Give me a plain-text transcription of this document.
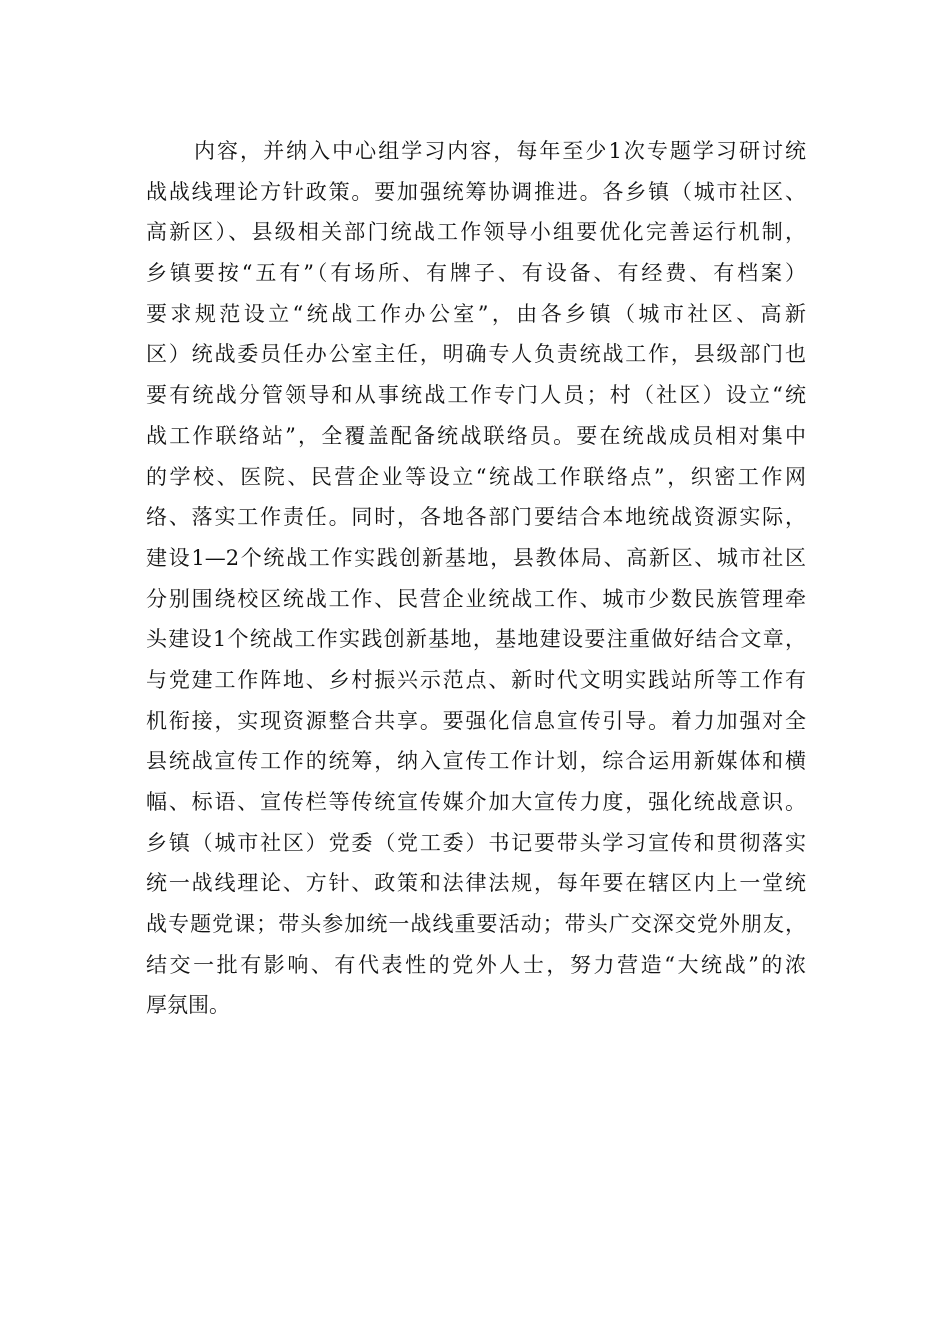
内容，并纳入中心组学习内容，每年至少1次专题学习研讨统
战战线理论方针政策。要加强统筹协调推进。各乡镇（城市社区、
高新区）、县级相关部门统战工作领导小组要优化完善运行机制，
乡镇要按“五有”（有场所、有牌子、有设备、有经费、有档案）
要求规范设立“统战工作办公室”，由各乡镇（城市社区、高新
区）统战委员任办公室主任，明确专人负责统战工作，县级部门也
要有统战分管领导和从事统战工作专门人员；村（社区）设立“统
战工作联络站”，全覆盖配备统战联络员。要在统战成员相对集中
的学校、医院、民营企业等设立“统战工作联络点”，织密工作网
络、落实工作责任。同时，各地各部门要结合本地统战资源实际，
建设1—2个统战工作实践创新基地，县教体局、高新区、城市社区
分别围绕校区统战工作、民营企业统战工作、城市少数民族管理牵
头建设1个统战工作实践创新基地，基地建设要注重做好结合文章，
与党建工作阵地、乡村振兴示范点、新时代文明实践站所等工作有
机衔接，实现资源整合共享。要强化信息宣传引导。着力加强对全
县统战宣传工作的统筹，纳入宣传工作计划，综合运用新媒体和横
幅、标语、宣传栏等传统宣传媒介加大宣传力度，强化统战意识。
乡镇（城市社区）党委（党工委）书记要带头学习宣传和贯彻落实
统一战线理论、方针、政策和法律法规，每年要在辖区内上一堂统
战专题党课；带头参加统一战线重要活动；带头广交深交党外朋友，
结交一批有影响、有代表性的党外人士，努力营造“大统战”的浓
厚氛围。
